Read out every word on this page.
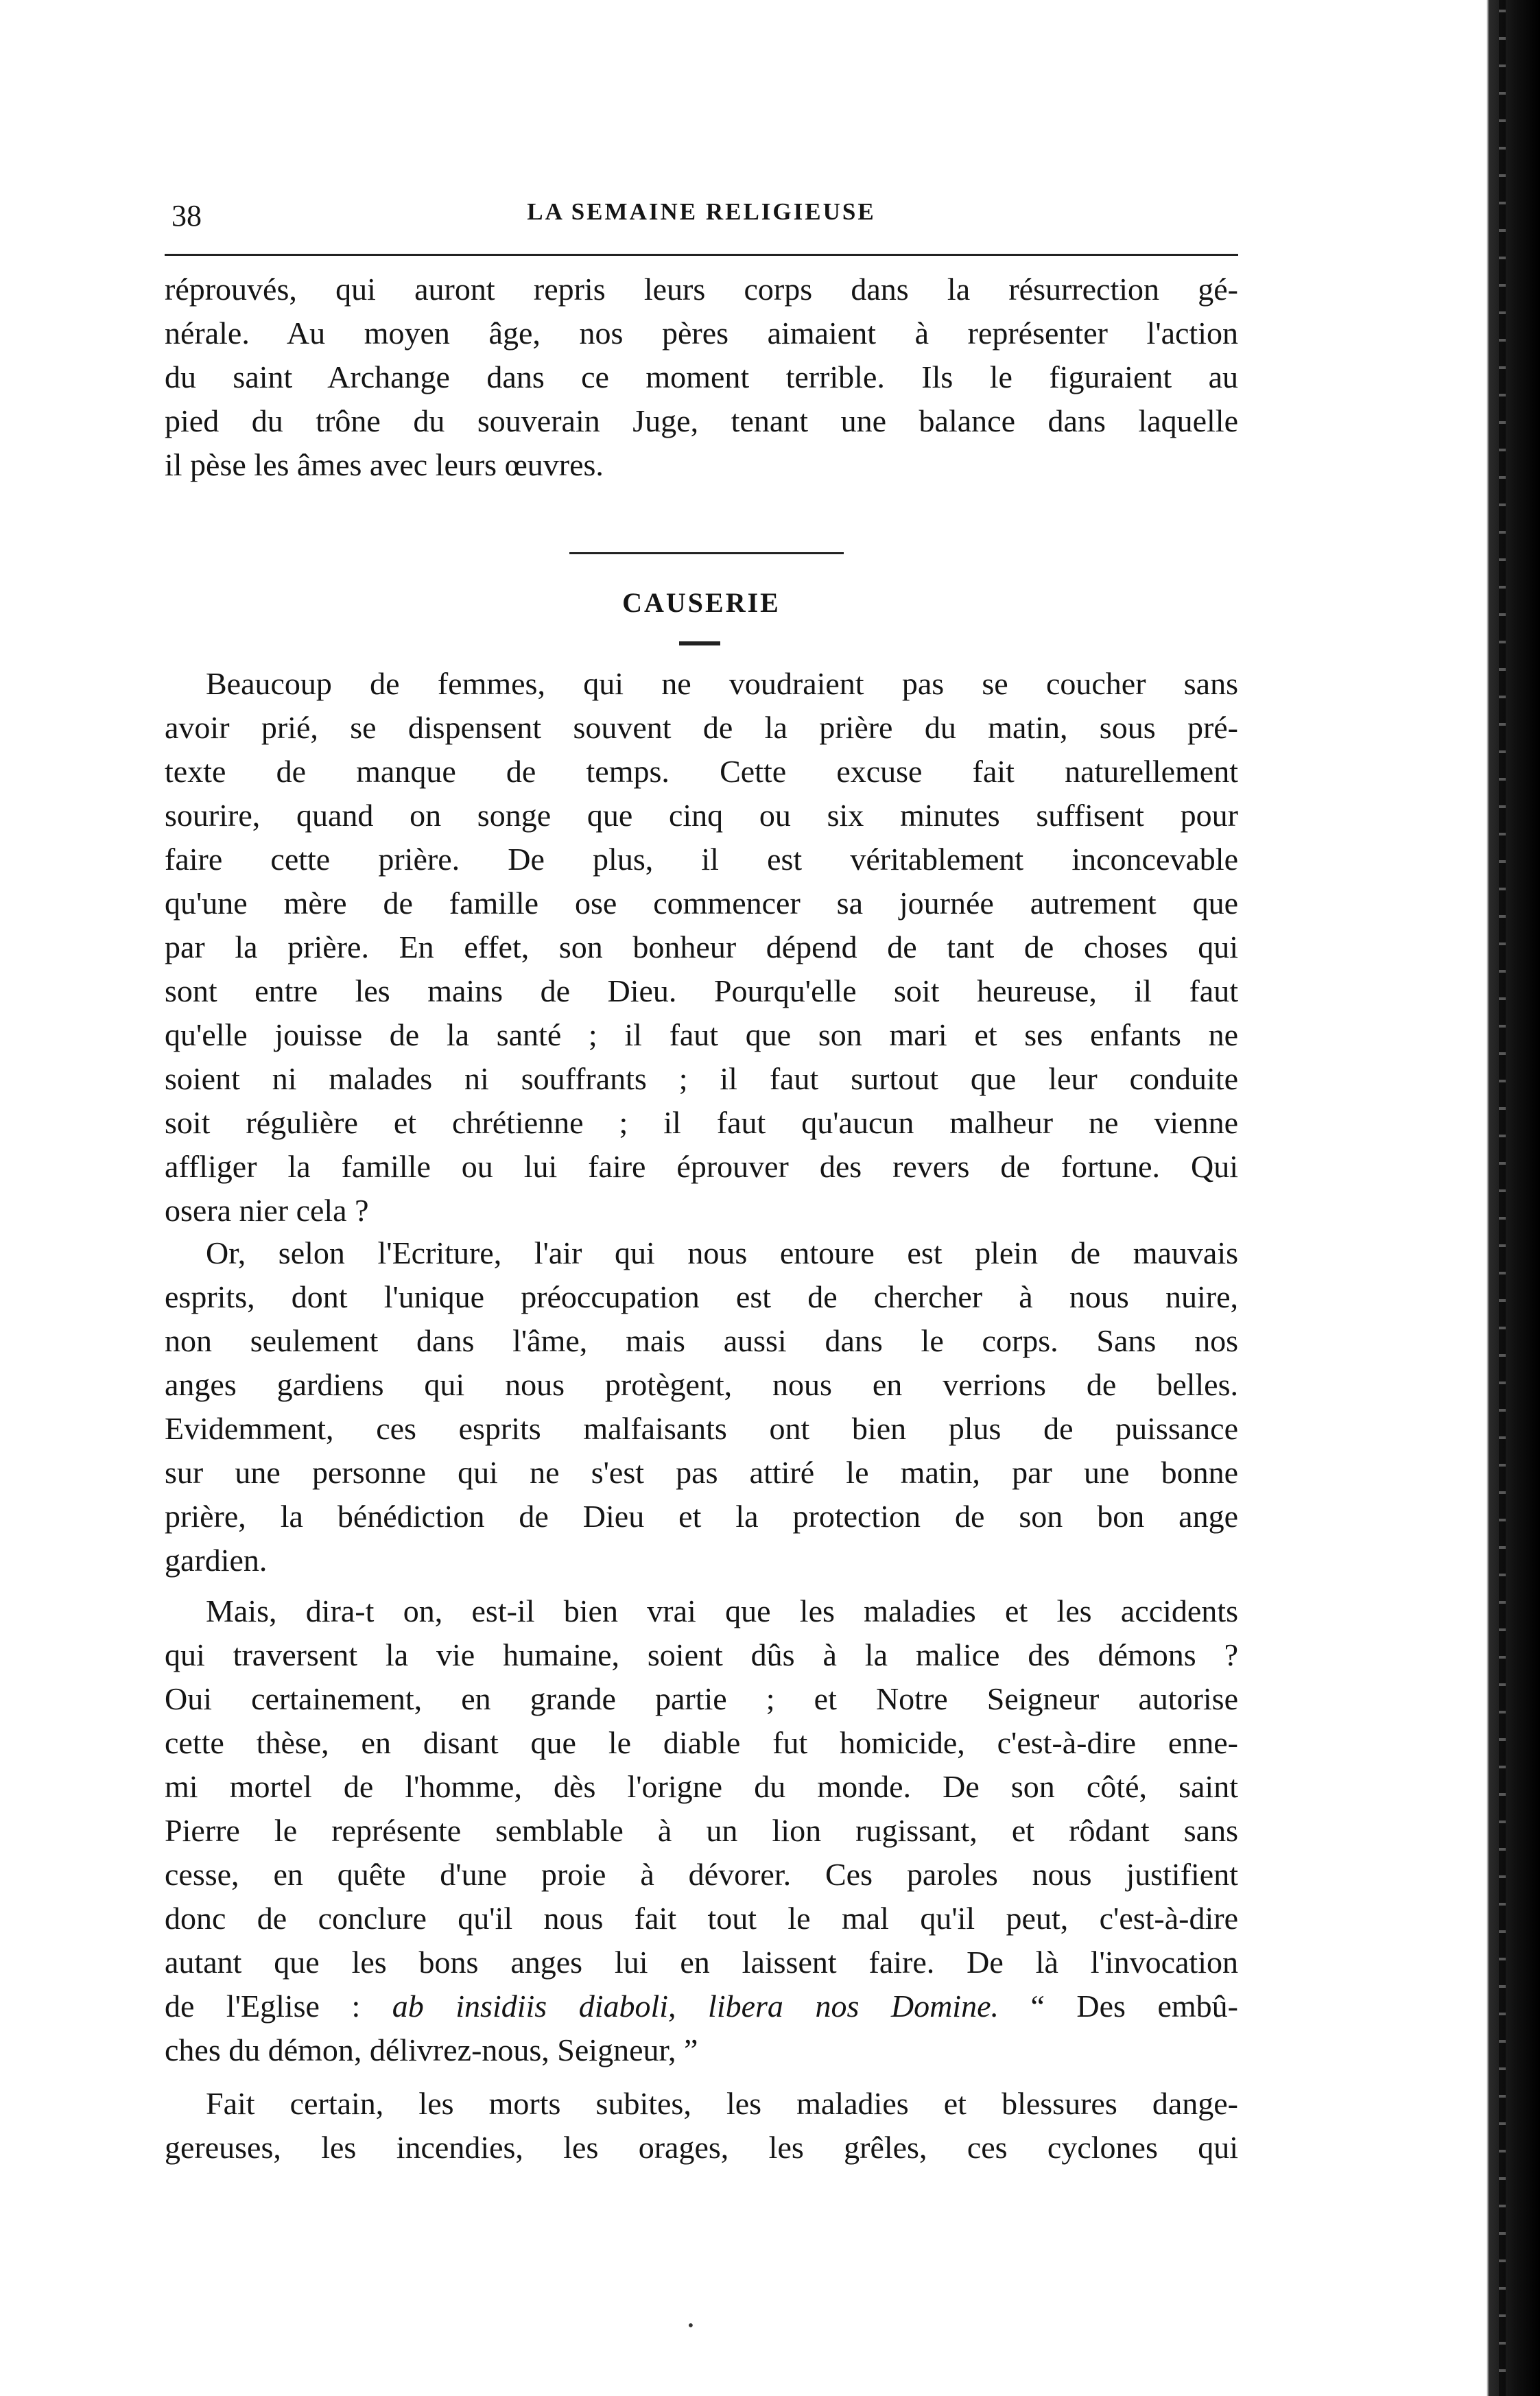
38	LA SEMAINE RELIGIEUSE
réprouvés, qui auront repris leurs corps dans la résurrection gé-
nérale. Au moyen âge, nos pères aimaient à représenter l'action
du saint Archange dans ce moment terrible. Ils le figuraient au
pied du trône du souverain Juge, tenant une balance dans laquelle
il pèse les âmes avec leurs œuvres.
CAUSERIE
Beaucoup de femmes, qui ne voudraient pas se coucher sans
avoir prié, se dispensent souvent de la prière du matin, sous pré-
texte de manque de temps. Cette excuse fait naturellement
sourire, quand on songe que cinq ou six minutes suffisent pour
faire cette prière. De plus, il est véritablement inconcevable
qu'une mère de famille ose commencer sa journée autrement que
par la prière. En effet, son bonheur dépend de tant de choses qui
sont entre les mains de Dieu. Pourqu'elle soit heureuse, il faut
qu'elle jouisse de la santé ; il faut que son mari et ses enfants ne
soient ni malades ni souffrants ; il faut surtout que leur conduite
soit régulière et chrétienne ; il faut qu'aucun malheur ne vienne
affliger la famille ou lui faire éprouver des revers de fortune. Qui
osera nier cela ?
Or, selon l'Ecriture, l'air qui nous entoure est plein de mauvais
esprits, dont l'unique préoccupation est de chercher à nous nuire,
non seulement dans l'âme, mais aussi dans le corps. Sans nos
anges gardiens qui nous protègent, nous en verrions de belles.
Evidemment, ces esprits malfaisants ont bien plus de puissance
sur une personne qui ne s'est pas attiré le matin, par une bonne
prière, la bénédiction de Dieu et la protection de son bon ange
gardien.
Mais, dira-t on, est-il bien vrai que les maladies et les accidents
qui traversent la vie humaine, soient dûs à la malice des démons ?
Oui certainement, en grande partie ; et Notre Seigneur autorise
cette thèse, en disant que le diable fut homicide, c'est-à-dire enne-
mi mortel de l'homme, dès l'origne du monde. De son côté, saint
Pierre le représente semblable à un lion rugissant, et rôdant sans
cesse, en quête d'une proie à dévorer. Ces paroles nous justifient
donc de conclure qu'il nous fait tout le mal qu'il peut, c'est-à-dire
autant que les bons anges lui en laissent faire. De là l'invocation
de l'Eglise : ab insidiis diaboli, libera nos Domine. “ Des embû-
ches du démon, délivrez-nous, Seigneur, ”
Fait certain, les morts subites, les maladies et blessures dange-
gereuses, les incendies, les orages, les grêles, ces cyclones qui
•
